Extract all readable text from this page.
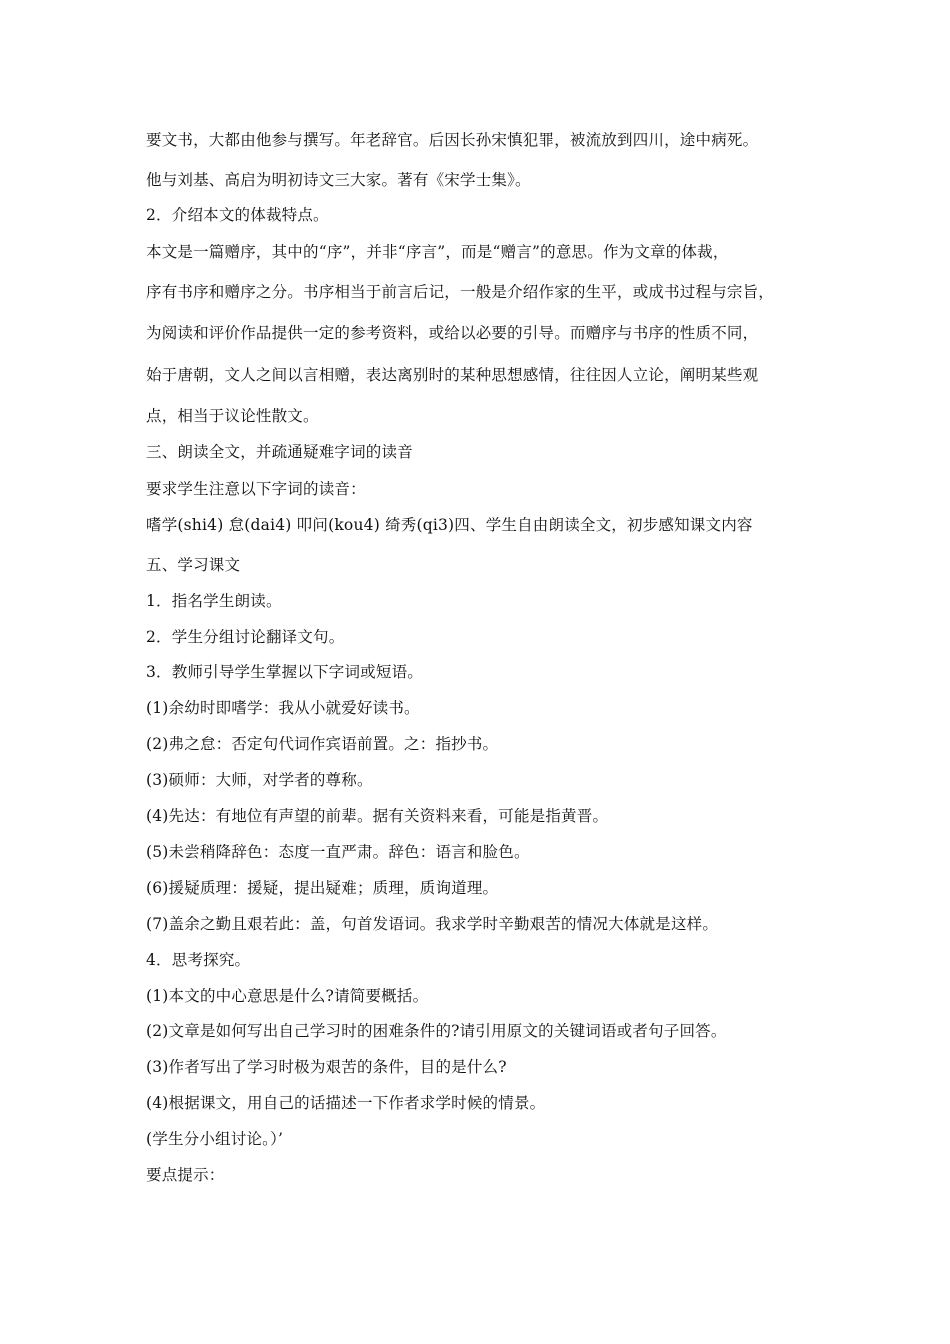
要文书，大都由他参与撰写。年老辞官。后因长孙宋慎犯罪，被流放到四川，途中病死。
他与刘基、高启为明初诗文三大家。著有《宋学士集》。
2．介绍本文的体裁特点。
本文是一篇赠序，其中的“序”，并非“序言”，而是“赠言”的意思。作为文章的体裁，
序有书序和赠序之分。书序相当于前言后记，一般是介绍作家的生平，或成书过程与宗旨，
为阅读和评价作品提供一定的参考资料，或给以必要的引导。而赠序与书序的性质不同，
始于唐朝，文人之间以言相赠，表达离别时的某种思想感情，往往因人立论，阐明某些观
点，相当于议论性散文。
三、朗读全文，并疏通疑难字词的读音
要求学生注意以下字词的读音：
嗜学(shi4) 怠(dai4) 叩问(kou4) 绮秀(qi3)四、学生自由朗读全文，初步感知课文内容
五、学习课文
1．指名学生朗读。
2．学生分组讨论翻译文句。
3．教师引导学生掌握以下字词或短语。
(1)余幼时即嗜学：我从小就爱好读书。
(2)弗之怠：否定句代词作宾语前置。之：指抄书。
(3)硕师：大师，对学者的尊称。
(4)先达：有地位有声望的前辈。据有关资料来看，可能是指黄晋。
(5)未尝稍降辞色：态度一直严肃。辞色：语言和脸色。
(6)援疑质理：援疑，提出疑难；质理，质询道理。
(7)盖余之勤且艰若此：盖，句首发语词。我求学时辛勤艰苦的情况大体就是这样。
4．思考探究。
(1)本文的中心意思是什么?请简要概括。
(2)文章是如何写出自己学习时的困难条件的?请引用原文的关键词语或者句子回答。
(3)作者写出了学习时极为艰苦的条件，目的是什么?
(4)根据课文，用自己的话描述一下作者求学时候的情景。
(学生分小组讨论。）’
要点提示：
